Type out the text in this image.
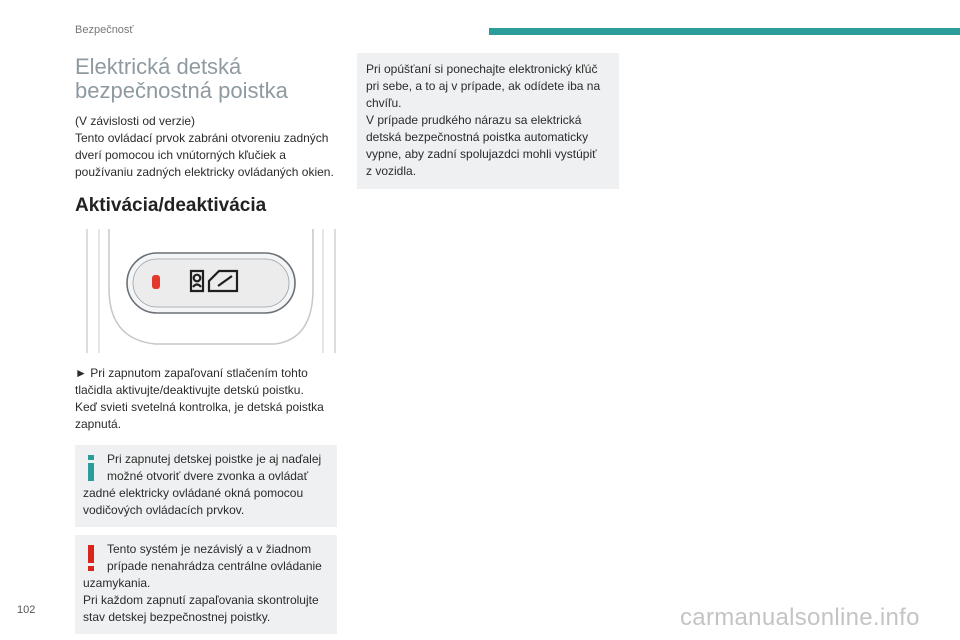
Bezpečnosť
Elektrická detská
bezpečnostná poistka
(V závislosti od verzie)
Tento ovládací prvok zabráni otvoreniu zadných
dverí pomocou ich vnútorných kľučiek a
používaniu zadných elektricky ovládaných okien.
Aktivácia/deaktivácia
► Pri zapnutom zapaľovaní stlačením tohto
tlačidla aktivujte/deaktivujte detskú poistku.
Keď svieti svetelná kontrolka, je detská poistka
zapnutá.
Pri zapnutej detskej poistke je aj naďalej
možné otvoriť dvere zvonka a ovládať
zadné elektricky ovládané okná pomocou
vodičových ovládacích prvkov.
Tento systém je nezávislý a v žiadnom
prípade nenahrádza centrálne ovládanie
uzamykania.
Pri každom zapnutí zapaľovania skontrolujte
stav detskej bezpečnostnej poistky.
Pri opúšťaní si ponechajte elektronický kľúč
pri sebe, a to aj v prípade, ak odídete iba na
chvíľu.
V prípade prudkého nárazu sa elektrická
detská bezpečnostná poistka automaticky
vypne, aby zadní spolujazdci mohli vystúpiť
z vozidla.
102	carmanualsonline.info
